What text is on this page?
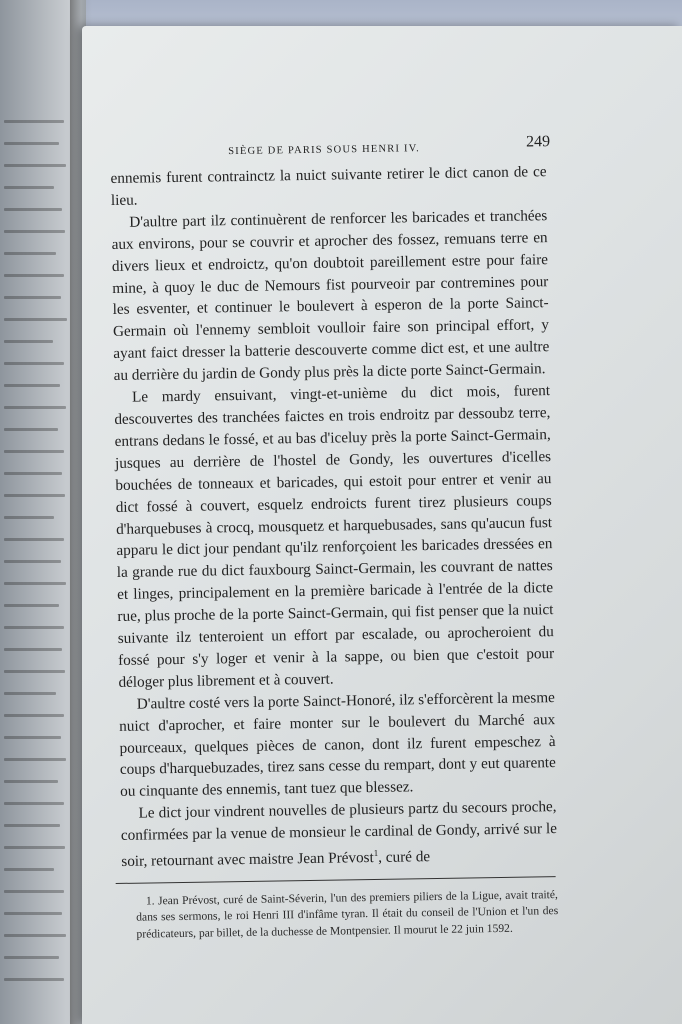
SIÈGE DE PARIS SOUS HENRI IV.	249

ennemis furent contrainctz la nuict suivante retirer le dict canon de ce lieu.

D'aultre part ilz continuèrent de renforcer les baricades et tranchées aux environs, pour se couvrir et aprocher des fossez, remuans terre en divers lieux et endroictz, qu'on doubtoit pareillement estre pour faire mine, à quoy le duc de Nemours fist pourveoir par contremines pour les esventer, et continuer le boulevert à esperon de la porte Sainct-Germain où l'ennemy sembloit voulloir faire son principal effort, y ayant faict dresser la batterie descouverte comme dict est, et une aultre au derrière du jardin de Gondy plus près la dicte porte Sainct-Germain.

Le mardy ensuivant, vingt-et-unième du dict mois, furent descouvertes des tranchées faictes en trois endroitz par dessoubz terre, entrans dedans le fossé, et au bas d'iceluy près la porte Sainct-Germain, jusques au derrière de l'hostel de Gondy, les ouvertures d'icelles bouchées de tonneaux et baricades, qui estoit pour entrer et venir au dict fossé à couvert, esquelz endroicts furent tirez plusieurs coups d'harquebuses à crocq, mousquetz et harquebusades, sans qu'aucun fust apparu le dict jour pendant qu'ilz renforçoient les baricades dressées en la grande rue du dict fauxbourg Sainct-Germain, les couvrant de nattes et linges, principalement en la première baricade à l'entrée de la dicte rue, plus proche de la porte Sainct-Germain, qui fist penser que la nuict suivante ilz tenteroient un effort par escalade, ou aprocheroient du fossé pour s'y loger et venir à la sappe, ou bien que c'estoit pour déloger plus librement et à couvert.

D'aultre costé vers la porte Sainct-Honoré, ilz s'efforcèrent la mesme nuict d'aprocher, et faire monter sur le boulevert du Marché aux pourceaux, quelques pièces de canon, dont ilz furent empeschez à coups d'harquebuzades, tirez sans cesse du rempart, dont y eut quarente ou cinquante des ennemis, tant tuez que blessez.

Le dict jour vindrent nouvelles de plusieurs partz du secours proche, confirmées par la venue de monsieur le cardinal de Gondy, arrivé sur le soir, retournant avec maistre Jean Prévost$^1$, curé de

1. Jean Prévost, curé de Saint-Séverin, l'un des premiers piliers de la Ligue, avait traité, dans ses sermons, le roi Henri III d'infâme tyran. Il était du conseil de l'Union et l'un des prédicateurs, par billet, de la duchesse de Montpensier. Il mourut le 22 juin 1592.
